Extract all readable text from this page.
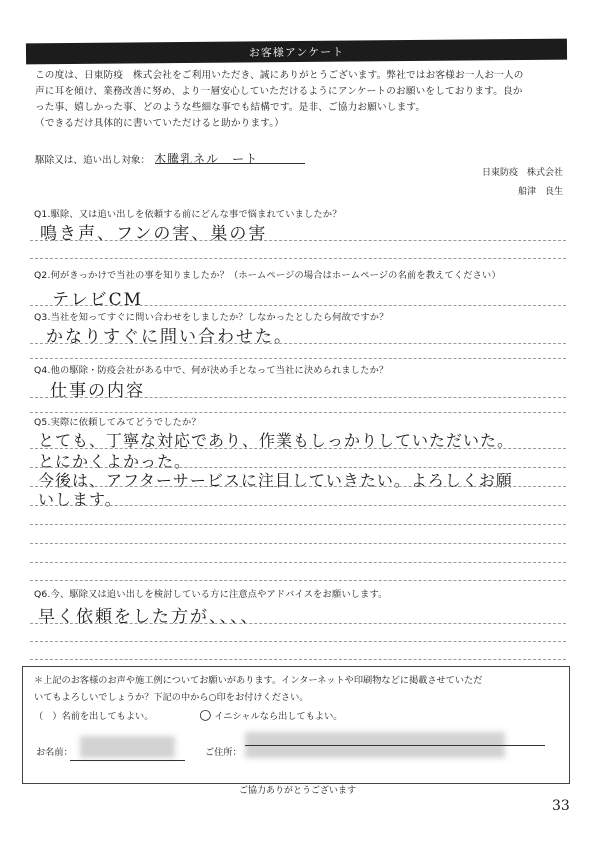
お客様アンケート

この度は、日東防疫　株式会社をご利用いただき、誠にありがとうございます。弊社ではお客様お一人お一人の

声に耳を傾け、業務改善に努め、より一層安心していただけるようにアンケートのお願いをしております。良か

った事、嬉しかった事、どのような些細な事でも結構です。是非、ご協力お願いします。

（できるだけ具体的に書いていただけると助かります。）

駆除又は、追い出し対象： 木騰乳ネル　ート
日東防疫　株式会社
船津　良生
Q1.駆除、又は追い出しを依頼する前にどんな事で悩まれていましたか？
鳴き声、フンの害、巣の害
Q2.何がきっかけで当社の事を知りましたか？（ホームページの場合はホームページの名前を教えてください）
テレビCM
Q3.当社を知ってすぐに問い合わせをしましたか？しなかったとしたら何故ですか？
かなりすぐに問い合わせた。
Q4.他の駆除・防疫会社がある中で、何が決め手となって当社に決められましたか？
仕事の内容
Q5.実際に依頼してみてどうでしたか？
とても、丁寧な対応であり、作業もしっかりしていただいた。
とにかくよかった。
今後は、アフターサービスに注目していきたい。よろしくお願
いします。
Q6.今、駆除又は追い出しを検討している方に注意点やアドバイスをお願いします。
早く依頼をした方が、、、、
＊上記のお客様のお声や施工例についてお願いがあります。インターネットや印刷物などに掲載させていただ
いてもよろしいでしょうか？下記の中から○印をお付けください。
（　）名前を出してもよい。	○ イニシャルなら出してもよい。
お名前：	ご住所：
ご協力ありがとうございます
33
